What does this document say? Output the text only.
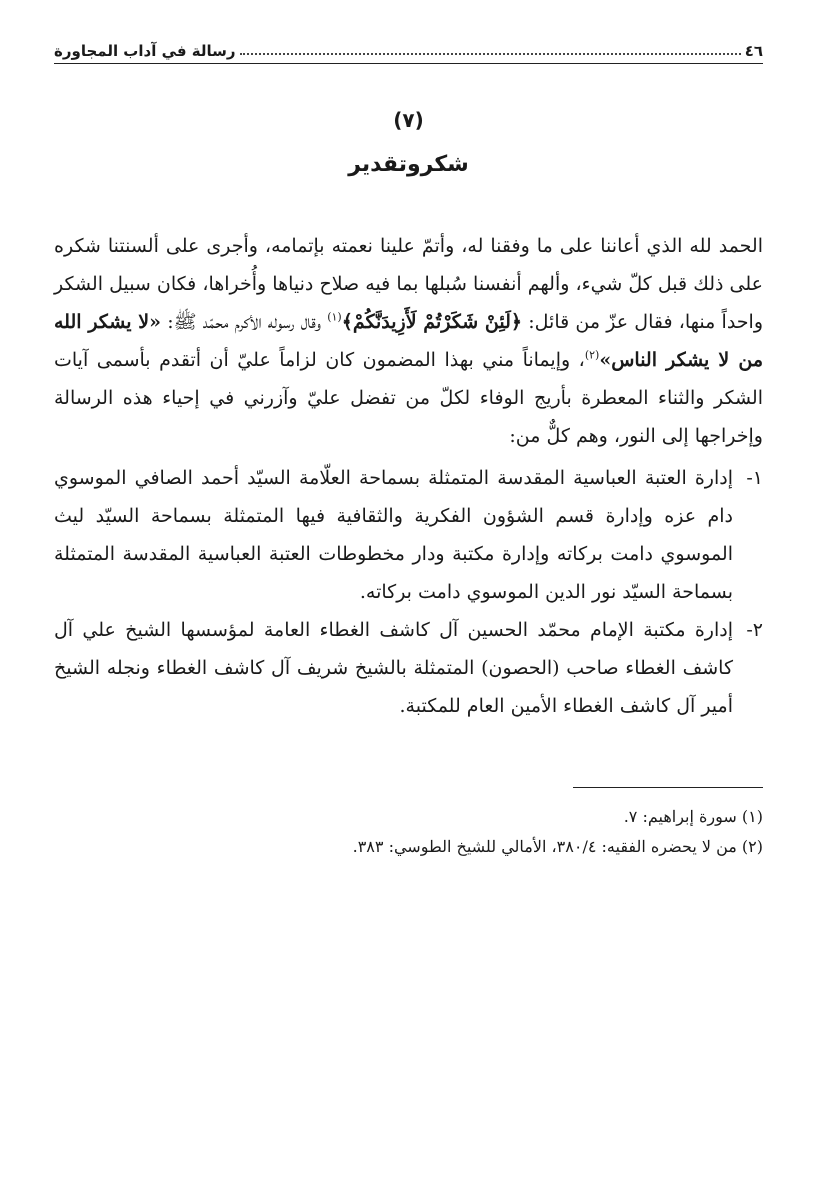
٤٦
رسالة في آداب المجاورة
(٧)
شكروتقدير
الحمد لله الذي أعاننا على ما وفقنا له، وأتمّ علينا نعمته بإتمامه، وأجرى على ألسنتنا شكره على ذلك قبل كلّ شيء، وألهم أنفسنا سُبلها بما فيه صلاح دنياها وأُخراها، فكان سبيل الشكر واحداً منها، فقال عزّ من قائل: ﴿لَئِنْ شَكَرْتُمْ لَأَزِيدَنَّكُمْ﴾$^{(١)}$ وقال رسوله الأكرم محمّد ﷺ: «لا يشكر الله من لا يشكر الناس»$^{(٢)}$، وإيماناً مني بهذا المضمون كان لزاماً عليّ أن أتقدم بأسمى آيات الشكر والثناء المعطرة بأريج الوفاء لكلّ من تفضل عليّ وآزرني في إحياء هذه الرسالة وإخراجها إلى النور، وهم كلٌّ من:
١-
إدارة العتبة العباسية المقدسة المتمثلة بسماحة العلّامة السيّد أحمد الصافي الموسوي دام عزه وإدارة قسم الشؤون الفكرية والثقافية فيها المتمثلة بسماحة السيّد ليث الموسوي دامت بركاته وإدارة مكتبة ودار مخطوطات العتبة العباسية المقدسة المتمثلة بسماحة السيّد نور الدين الموسوي دامت بركاته.
٢-
إدارة مكتبة الإمام محمّد الحسين آل كاشف الغطاء العامة لمؤسسها الشيخ علي آل كاشف الغطاء صاحب (الحصون) المتمثلة بالشيخ شريف آل كاشف الغطاء ونجله الشيخ أمير آل كاشف الغطاء الأمين العام للمكتبة.

(١) سورة إبراهيم: ٧.

(٢) من لا يحضره الفقيه: ٣٨٠/٤، الأمالي للشيخ الطوسي: ٣٨٣.
